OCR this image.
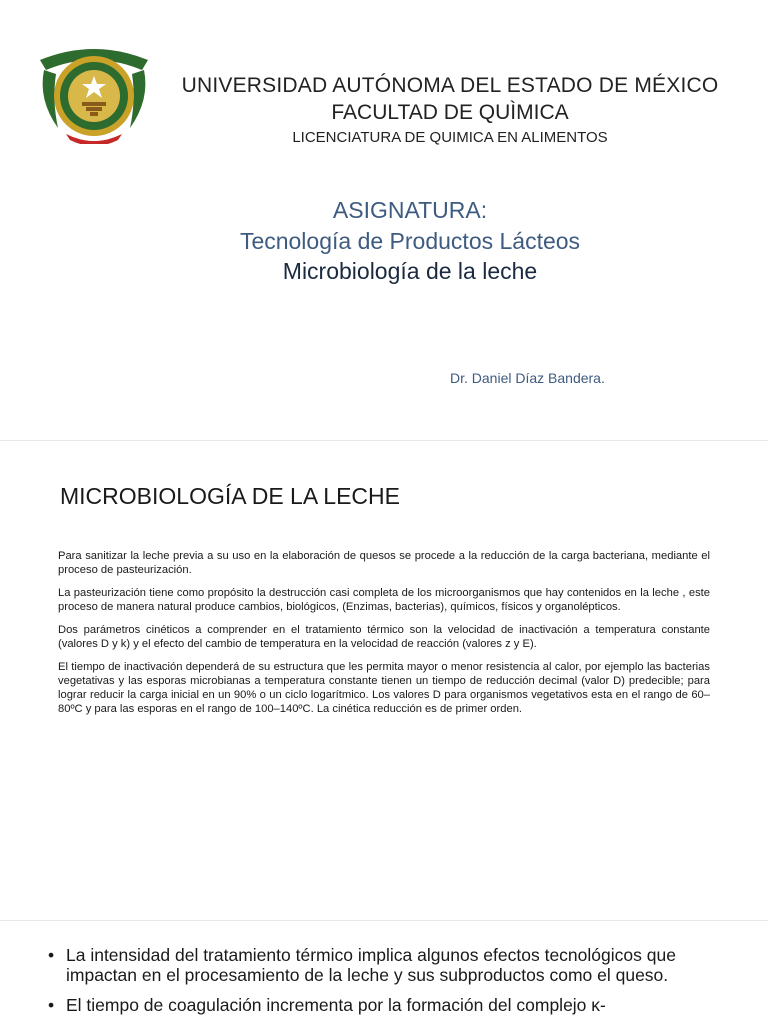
UNIVERSIDAD AUTÓNOMA DEL ESTADO DE MÉXICO
FACULTAD DE QUÌMICA
LICENCIATURA DE QUIMICA EN ALIMENTOS
ASIGNATURA:
Tecnología de Productos Lácteos
Microbiología de la leche
Dr. Daniel Díaz Bandera.
MICROBIOLOGÍA DE LA LECHE

Para sanitizar la leche previa a su uso en la elaboración de quesos se procede a la reducción de la carga bacteriana, mediante el proceso de pasteurización.

La pasteurización tiene como propósito la destrucción casi completa de los microorganismos que hay contenidos en la leche , este proceso de manera natural produce cambios, biológicos, (Enzimas, bacterias), químicos, físicos y organolépticos.

Dos parámetros cinéticos a comprender en el tratamiento térmico son la velocidad de inactivación a temperatura constante (valores D y k) y el efecto del cambio de temperatura en la velocidad de reacción (valores z y E).

El tiempo de inactivación dependerá de su estructura que les permita mayor o menor resistencia al calor, por ejemplo las bacterias vegetativas y las esporas microbianas a temperatura constante tienen un tiempo de reducción decimal (valor D) predecible; para lograr reducir la carga inicial en un 90% o un ciclo logarítmico. Los valores D para organismos vegetativos esta en el rango de 60–80ºC y para las esporas en el rango de 100–140ºC. La cinética reducción es de primer orden.

• La intensidad del tratamiento térmico implica algunos efectos tecnológicos que impactan en el procesamiento de la leche y sus subproductos como el queso.
• El tiempo de coagulación incrementa por la formación del complejo κ-
